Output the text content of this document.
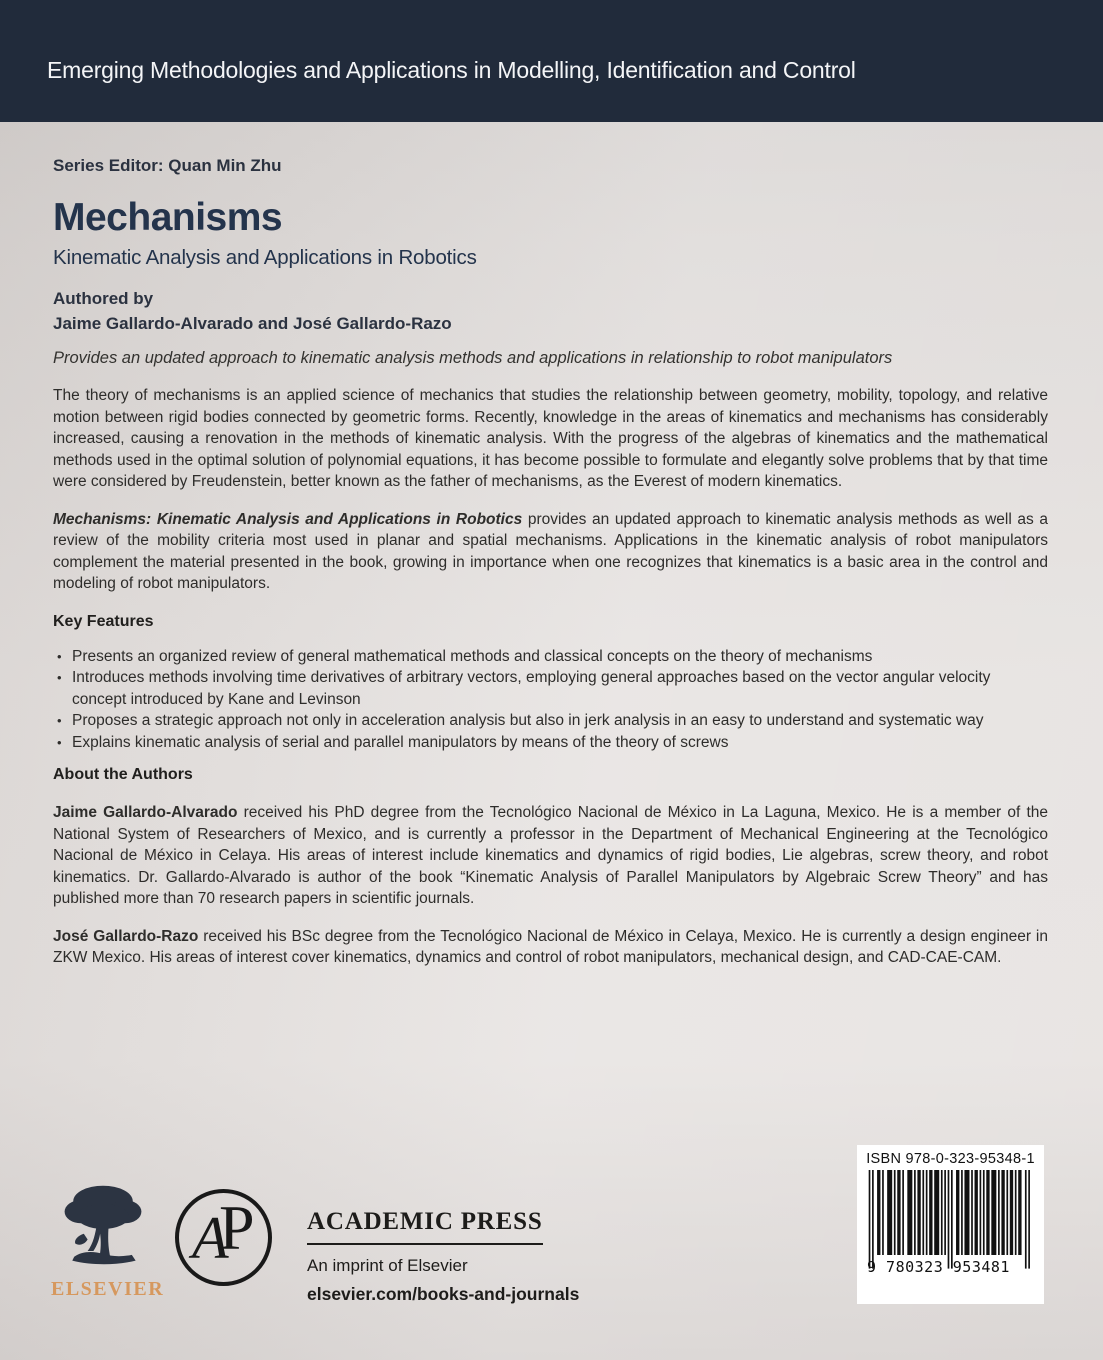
Emerging Methodologies and Applications in Modelling, Identification and Control
Series Editor: Quan Min Zhu
Mechanisms
Kinematic Analysis and Applications in Robotics
Authored by
Jaime Gallardo-Alvarado and José Gallardo-Razo
Provides an updated approach to kinematic analysis methods and applications in relationship to robot manipulators

The theory of mechanisms is an applied science of mechanics that studies the relationship between geometry, mobility, topology, and relative motion between rigid bodies connected by geometric forms. Recently, knowledge in the areas of kinematics and mechanisms has considerably increased, causing a renovation in the methods of kinematic analysis. With the progress of the algebras of kinematics and the mathematical methods used in the optimal solution of polynomial equations, it has become possible to formulate and elegantly solve problems that by that time were considered by Freudenstein, better known as the father of mechanisms, as the Everest of modern kinematics.

Mechanisms: Kinematic Analysis and Applications in Robotics provides an updated approach to kinematic analysis methods as well as a review of the mobility criteria most used in planar and spatial mechanisms. Applications in the kinematic analysis of robot manipulators complement the material presented in the book, growing in importance when one recognizes that kinematics is a basic area in the control and modeling of robot manipulators.

Key Features
• Presents an organized review of general mathematical methods and classical concepts on the theory of mechanisms
• Introduces methods involving time derivatives of arbitrary vectors, employing general approaches based on the vector angular velocity concept introduced by Kane and Levinson
• Proposes a strategic approach not only in acceleration analysis but also in jerk analysis in an easy to understand and systematic way
• Explains kinematic analysis of serial and parallel manipulators by means of the theory of screws
About the Authors

Jaime Gallardo-Alvarado received his PhD degree from the Tecnológico Nacional de México in La Laguna, Mexico. He is a member of the National System of Researchers of Mexico, and is currently a professor in the Department of Mechanical Engineering at the Tecnológico Nacional de México in Celaya. His areas of interest include kinematics and dynamics of rigid bodies, Lie algebras, screw theory, and robot kinematics. Dr. Gallardo-Alvarado is author of the book “Kinematic Analysis of Parallel Manipulators by Algebraic Screw Theory” and has published more than 70 research papers in scientific journals.

José Gallardo-Razo received his BSc degree from the Tecnológico Nacional de México in Celaya, Mexico. He is currently a design engineer in ZKW Mexico. His areas of interest cover kinematics, dynamics and control of robot manipulators, mechanical design, and CAD-CAE-CAM.

ELSEVIER
A
P ACADEMIC PRESS
An imprint of Elsevier
elsevier.com/books-and-journals
ISBN 978-0-323-95348-1
9 780323 953481
